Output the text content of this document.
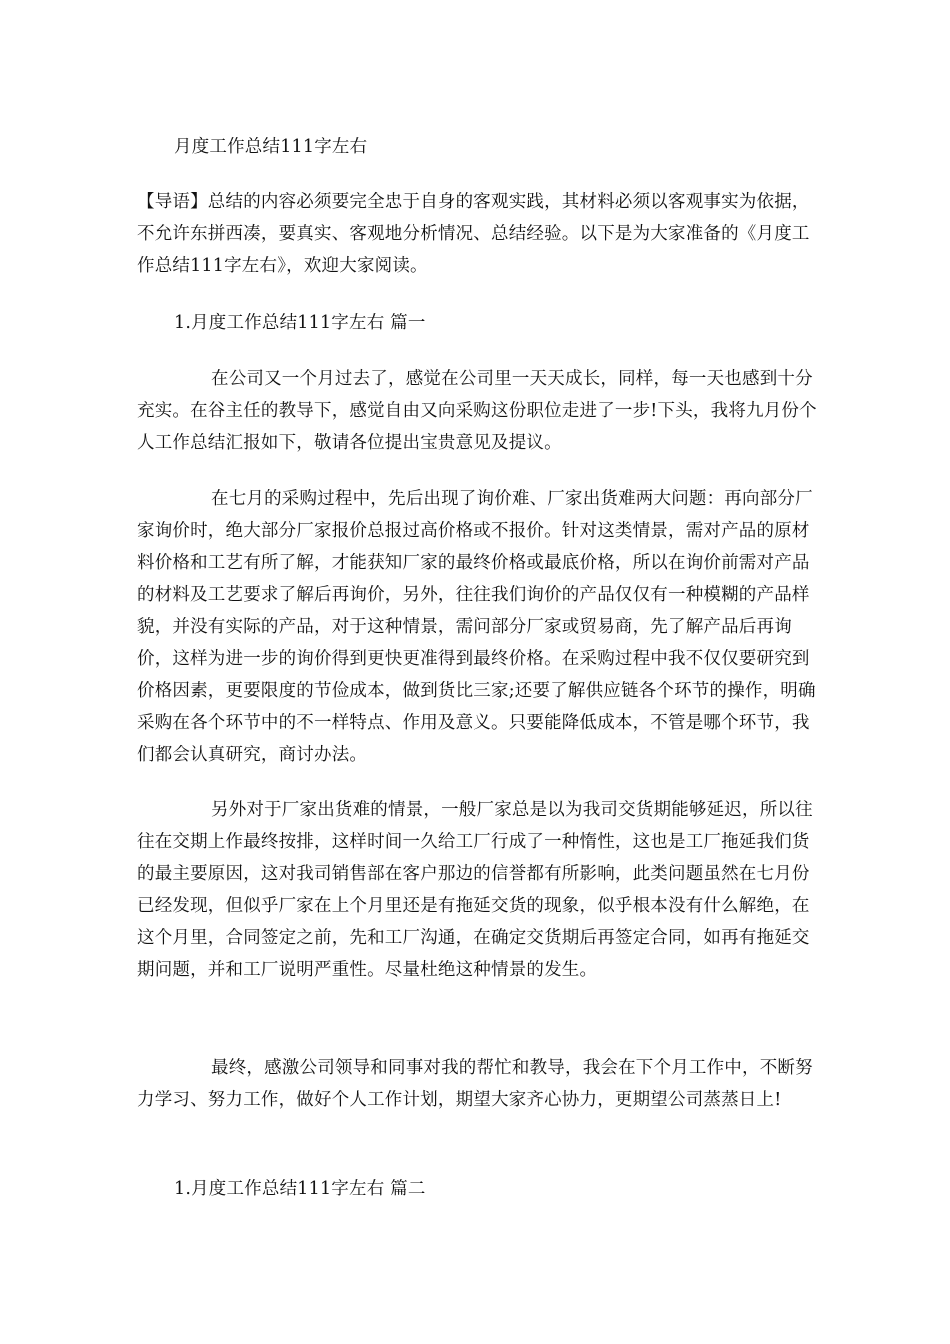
月度工作总结111字左右

【导语】总结的内容必须要完全忠于自身的客观实践，其材料必须以客观事实为依据，不允许东拼西凑，要真实、客观地分析情况、总结经验。以下是为大家准备的《月度工作总结111字左右》，欢迎大家阅读。

1.月度工作总结111字左右 篇一

在公司又一个月过去了，感觉在公司里一天天成长，同样，每一天也感到十分充实。在谷主任的教导下，感觉自由又向采购这份职位走进了一步!下头，我将九月份个人工作总结汇报如下，敬请各位提出宝贵意见及提议。

在七月的采购过程中，先后出现了询价难、厂家出货难两大问题：再向部分厂家询价时，绝大部分厂家报价总报过高价格或不报价。针对这类情景，需对产品的原材料价格和工艺有所了解，才能获知厂家的最终价格或最底价格，所以在询价前需对产品的材料及工艺要求了解后再询价，另外，往往我们询价的产品仅仅有一种模糊的产品样貌，并没有实际的产品，对于这种情景，需问部分厂家或贸易商，先了解产品后再询价，这样为进一步的询价得到更快更准得到最终价格。在采购过程中我不仅仅要研究到价格因素，更要限度的节俭成本，做到货比三家;还要了解供应链各个环节的操作，明确采购在各个环节中的不一样特点、作用及意义。只要能降低成本，不管是哪个环节，我们都会认真研究，商讨办法。

另外对于厂家出货难的情景，一般厂家总是以为我司交货期能够延迟，所以往往在交期上作最终按排，这样时间一久给工厂行成了一种惰性，这也是工厂拖延我们货的最主要原因，这对我司销售部在客户那边的信誉都有所影响，此类问题虽然在七月份已经发现，但似乎厂家在上个月里还是有拖延交货的现象，似乎根本没有什么解绝，在这个月里，合同签定之前，先和工厂沟通，在确定交货期后再签定合同，如再有拖延交期问题，并和工厂说明严重性。尽量杜绝这种情景的发生。

最终，感激公司领导和同事对我的帮忙和教导，我会在下个月工作中，不断努力学习、努力工作，做好个人工作计划，期望大家齐心协力，更期望公司蒸蒸日上!

1.月度工作总结111字左右 篇二
